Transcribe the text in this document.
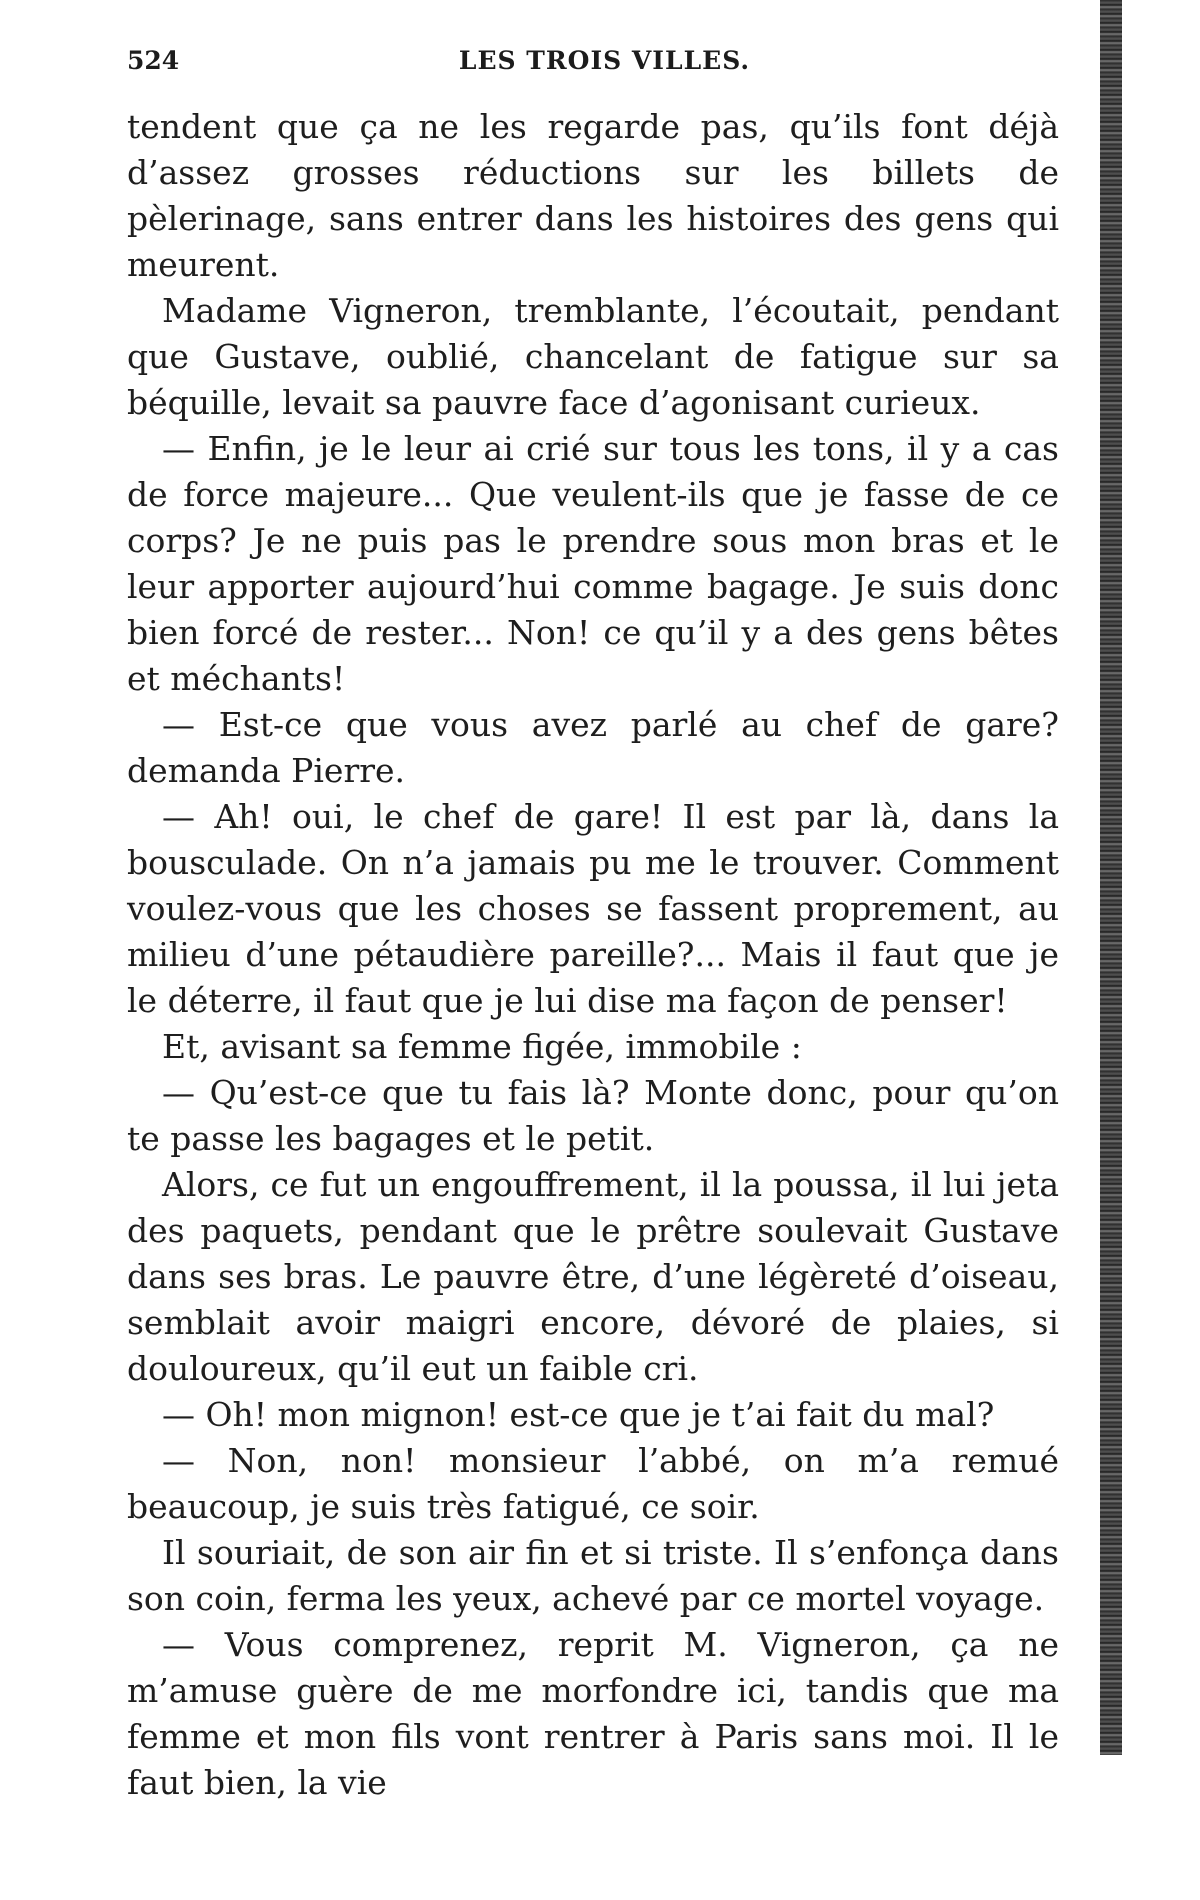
524	LES TROIS VILLES.

tendent que ça ne les regarde pas, qu’ils font déjà d’assez grosses réductions sur les billets de pèlerinage, sans entrer dans les histoires des gens qui meurent.

Madame Vigneron, tremblante, l’écoutait, pendant que Gustave, oublié, chancelant de fatigue sur sa béquille, levait sa pauvre face d’agonisant curieux.

— Enfin, je le leur ai crié sur tous les tons, il y a cas de force majeure... Que veulent-ils que je fasse de ce corps? Je ne puis pas le prendre sous mon bras et le leur apporter aujourd’hui comme bagage. Je suis donc bien forcé de rester... Non! ce qu’il y a des gens bêtes et méchants!

— Est-ce que vous avez parlé au chef de gare? demanda Pierre.

— Ah! oui, le chef de gare! Il est par là, dans la bousculade. On n’a jamais pu me le trouver. Comment voulez-vous que les choses se fassent proprement, au milieu d’une pétaudière pareille?... Mais il faut que je le déterre, il faut que je lui dise ma façon de penser!

Et, avisant sa femme figée, immobile :

— Qu’est-ce que tu fais là? Monte donc, pour qu’on te passe les bagages et le petit.

Alors, ce fut un engouffrement, il la poussa, il lui jeta des paquets, pendant que le prêtre soulevait Gustave dans ses bras. Le pauvre être, d’une légèreté d’oiseau, semblait avoir maigri encore, dévoré de plaies, si douloureux, qu’il eut un faible cri.

— Oh! mon mignon! est-ce que je t’ai fait du mal?

— Non, non! monsieur l’abbé, on m’a remué beaucoup, je suis très fatigué, ce soir.

Il souriait, de son air fin et si triste. Il s’enfonça dans son coin, ferma les yeux, achevé par ce mortel voyage.

— Vous comprenez, reprit M. Vigneron, ça ne m’amuse guère de me morfondre ici, tandis que ma femme et mon fils vont rentrer à Paris sans moi. Il le faut bien, la vie
